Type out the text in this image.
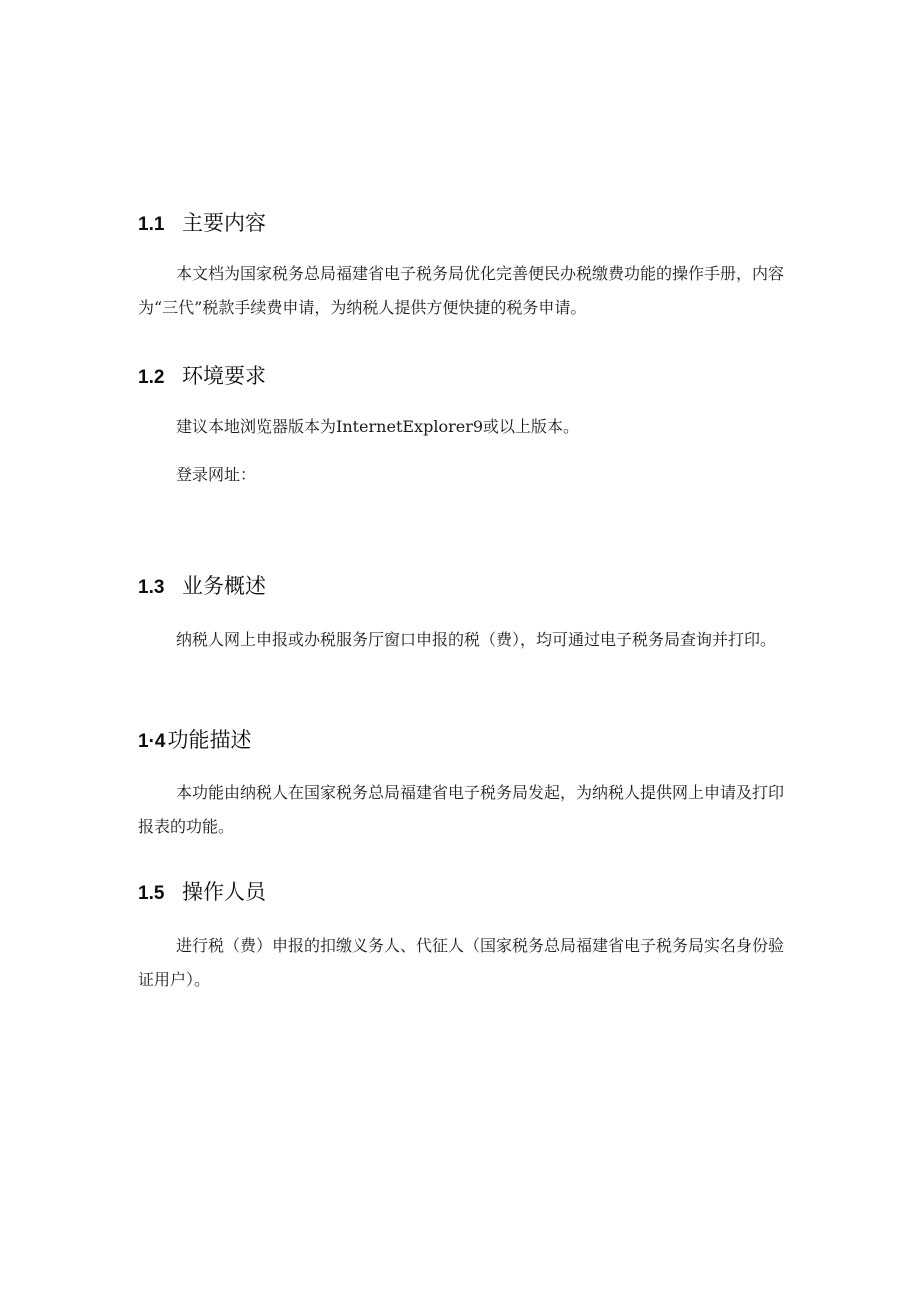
1.1 主要内容

本文档为国家税务总局福建省电子税务局优化完善便民办税缴费功能的操作手册，内容为“三代”税款手续费申请，为纳税人提供方便快捷的税务申请。

1.2 环境要求

建议本地浏览器版本为InternetExplorer9或以上版本。

登录网址：

1.3 业务概述

纳税人网上申报或办税服务厅窗口申报的税（费），均可通过电子税务局查询并打印。

1·4功能描述

本功能由纳税人在国家税务总局福建省电子税务局发起，为纳税人提供网上申请及打印报表的功能。

1.5 操作人员

进行税（费）申报的扣缴义务人、代征人（国家税务总局福建省电子税务局实名身份验证用户）。
